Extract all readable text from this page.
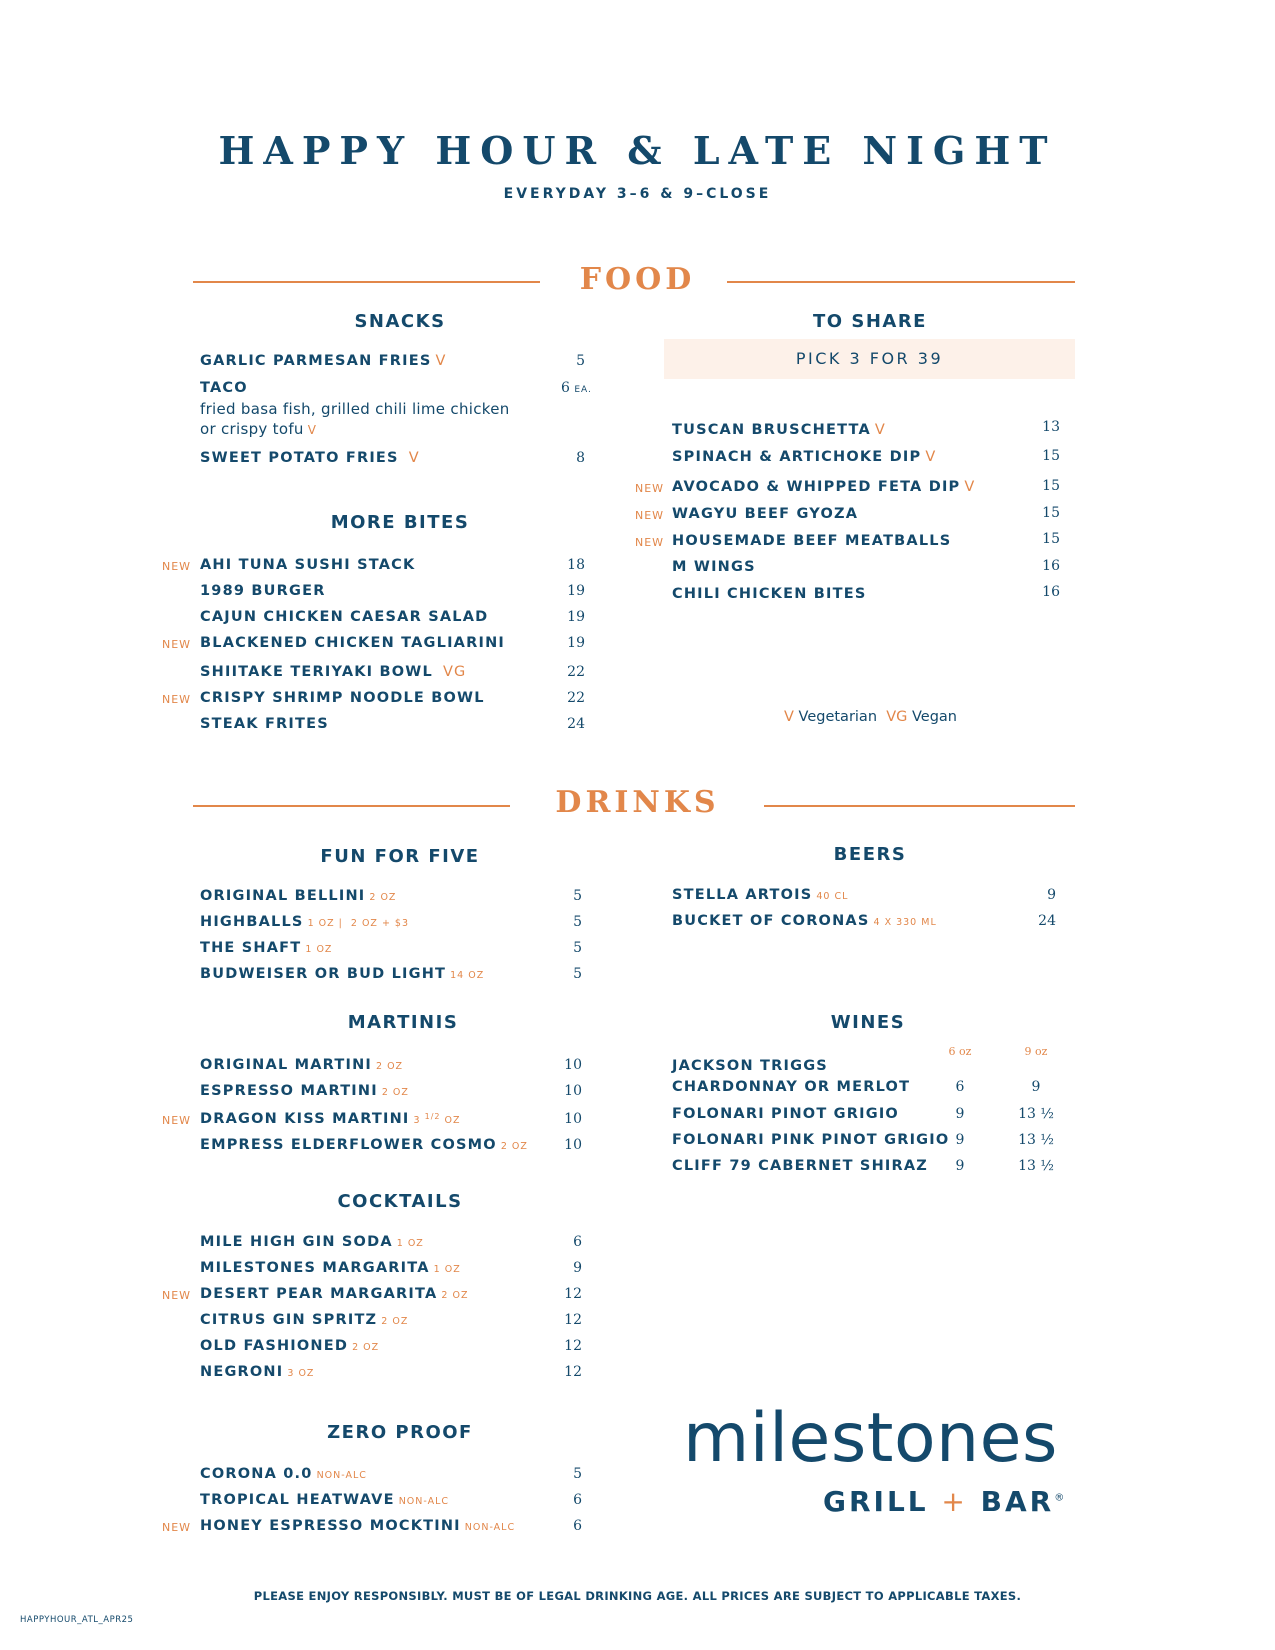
HAPPY HOUR & LATE NIGHT
EVERYDAY 3–6 & 9–CLOSE
FOOD
SNACKS
GARLIC PARMESAN FRIES V	5
TACO	6 EA.
fried basa fish, grilled chili lime chicken
or crispy tofu V
SWEET POTATO FRIES V	8
MORE BITES
NEW AHI TUNA SUSHI STACK	18
1989 BURGER	19
CAJUN CHICKEN CAESAR SALAD	19
NEW BLACKENED CHICKEN TAGLIARINI	19
SHIITAKE TERIYAKI BOWL VG	22
NEW CRISPY SHRIMP NOODLE BOWL	22
STEAK FRITES	24
TO SHARE
PICK 3 FOR 39
TUSCAN BRUSCHETTA V	13
SPINACH & ARTICHOKE DIP V	15
NEW AVOCADO & WHIPPED FETA DIP V	15
NEW WAGYU BEEF GYOZA	15
NEW HOUSEMADE BEEF MEATBALLS	15
M WINGS	16
CHILI CHICKEN BITES	16
V Vegetarian VG Vegan
DRINKS
FUN FOR FIVE
ORIGINAL BELLINI 2 OZ	5
HIGHBALLS 1 OZ |  2 OZ + $3	5
THE SHAFT 1 OZ	5
BUDWEISER OR BUD LIGHT 14 OZ	5
MARTINIS
ORIGINAL MARTINI 2 OZ	10
ESPRESSO MARTINI 2 OZ	10
NEW DRAGON KISS MARTINI 3 $^{1/2}$ OZ	10
EMPRESS ELDERFLOWER COSMO 2 OZ	10
COCKTAILS
MILE HIGH GIN SODA 1 OZ	6
MILESTONES MARGARITA 1 OZ	9
NEW DESERT PEAR MARGARITA 2 OZ	12
CITRUS GIN SPRITZ 2 OZ	12
OLD FASHIONED 2 OZ	12
NEGRONI 3 OZ	12
ZERO PROOF
CORONA 0.0 NON-ALC	5
TROPICAL HEATWAVE NON-ALC	6
NEW HONEY ESPRESSO MOCKTINI NON-ALC	6
BEERS
STELLA ARTOIS 40 CL	9
BUCKET OF CORONAS 4 X 330 ML	24
WINES
6 oz	9 oz
JACKSON TRIGGS
CHARDONNAY OR MERLOT	6	9
FOLONARI PINOT GRIGIO	9	13 ½
FOLONARI PINK PINOT GRIGIO 9	13 ½
CLIFF 79 CABERNET SHIRAZ	9	13 ½
milestones
GRILL + BAR®
PLEASE ENJOY RESPONSIBLY. MUST BE OF LEGAL DRINKING AGE. ALL PRICES ARE SUBJECT TO APPLICABLE TAXES.
HAPPYHOUR_ATL_APR25
